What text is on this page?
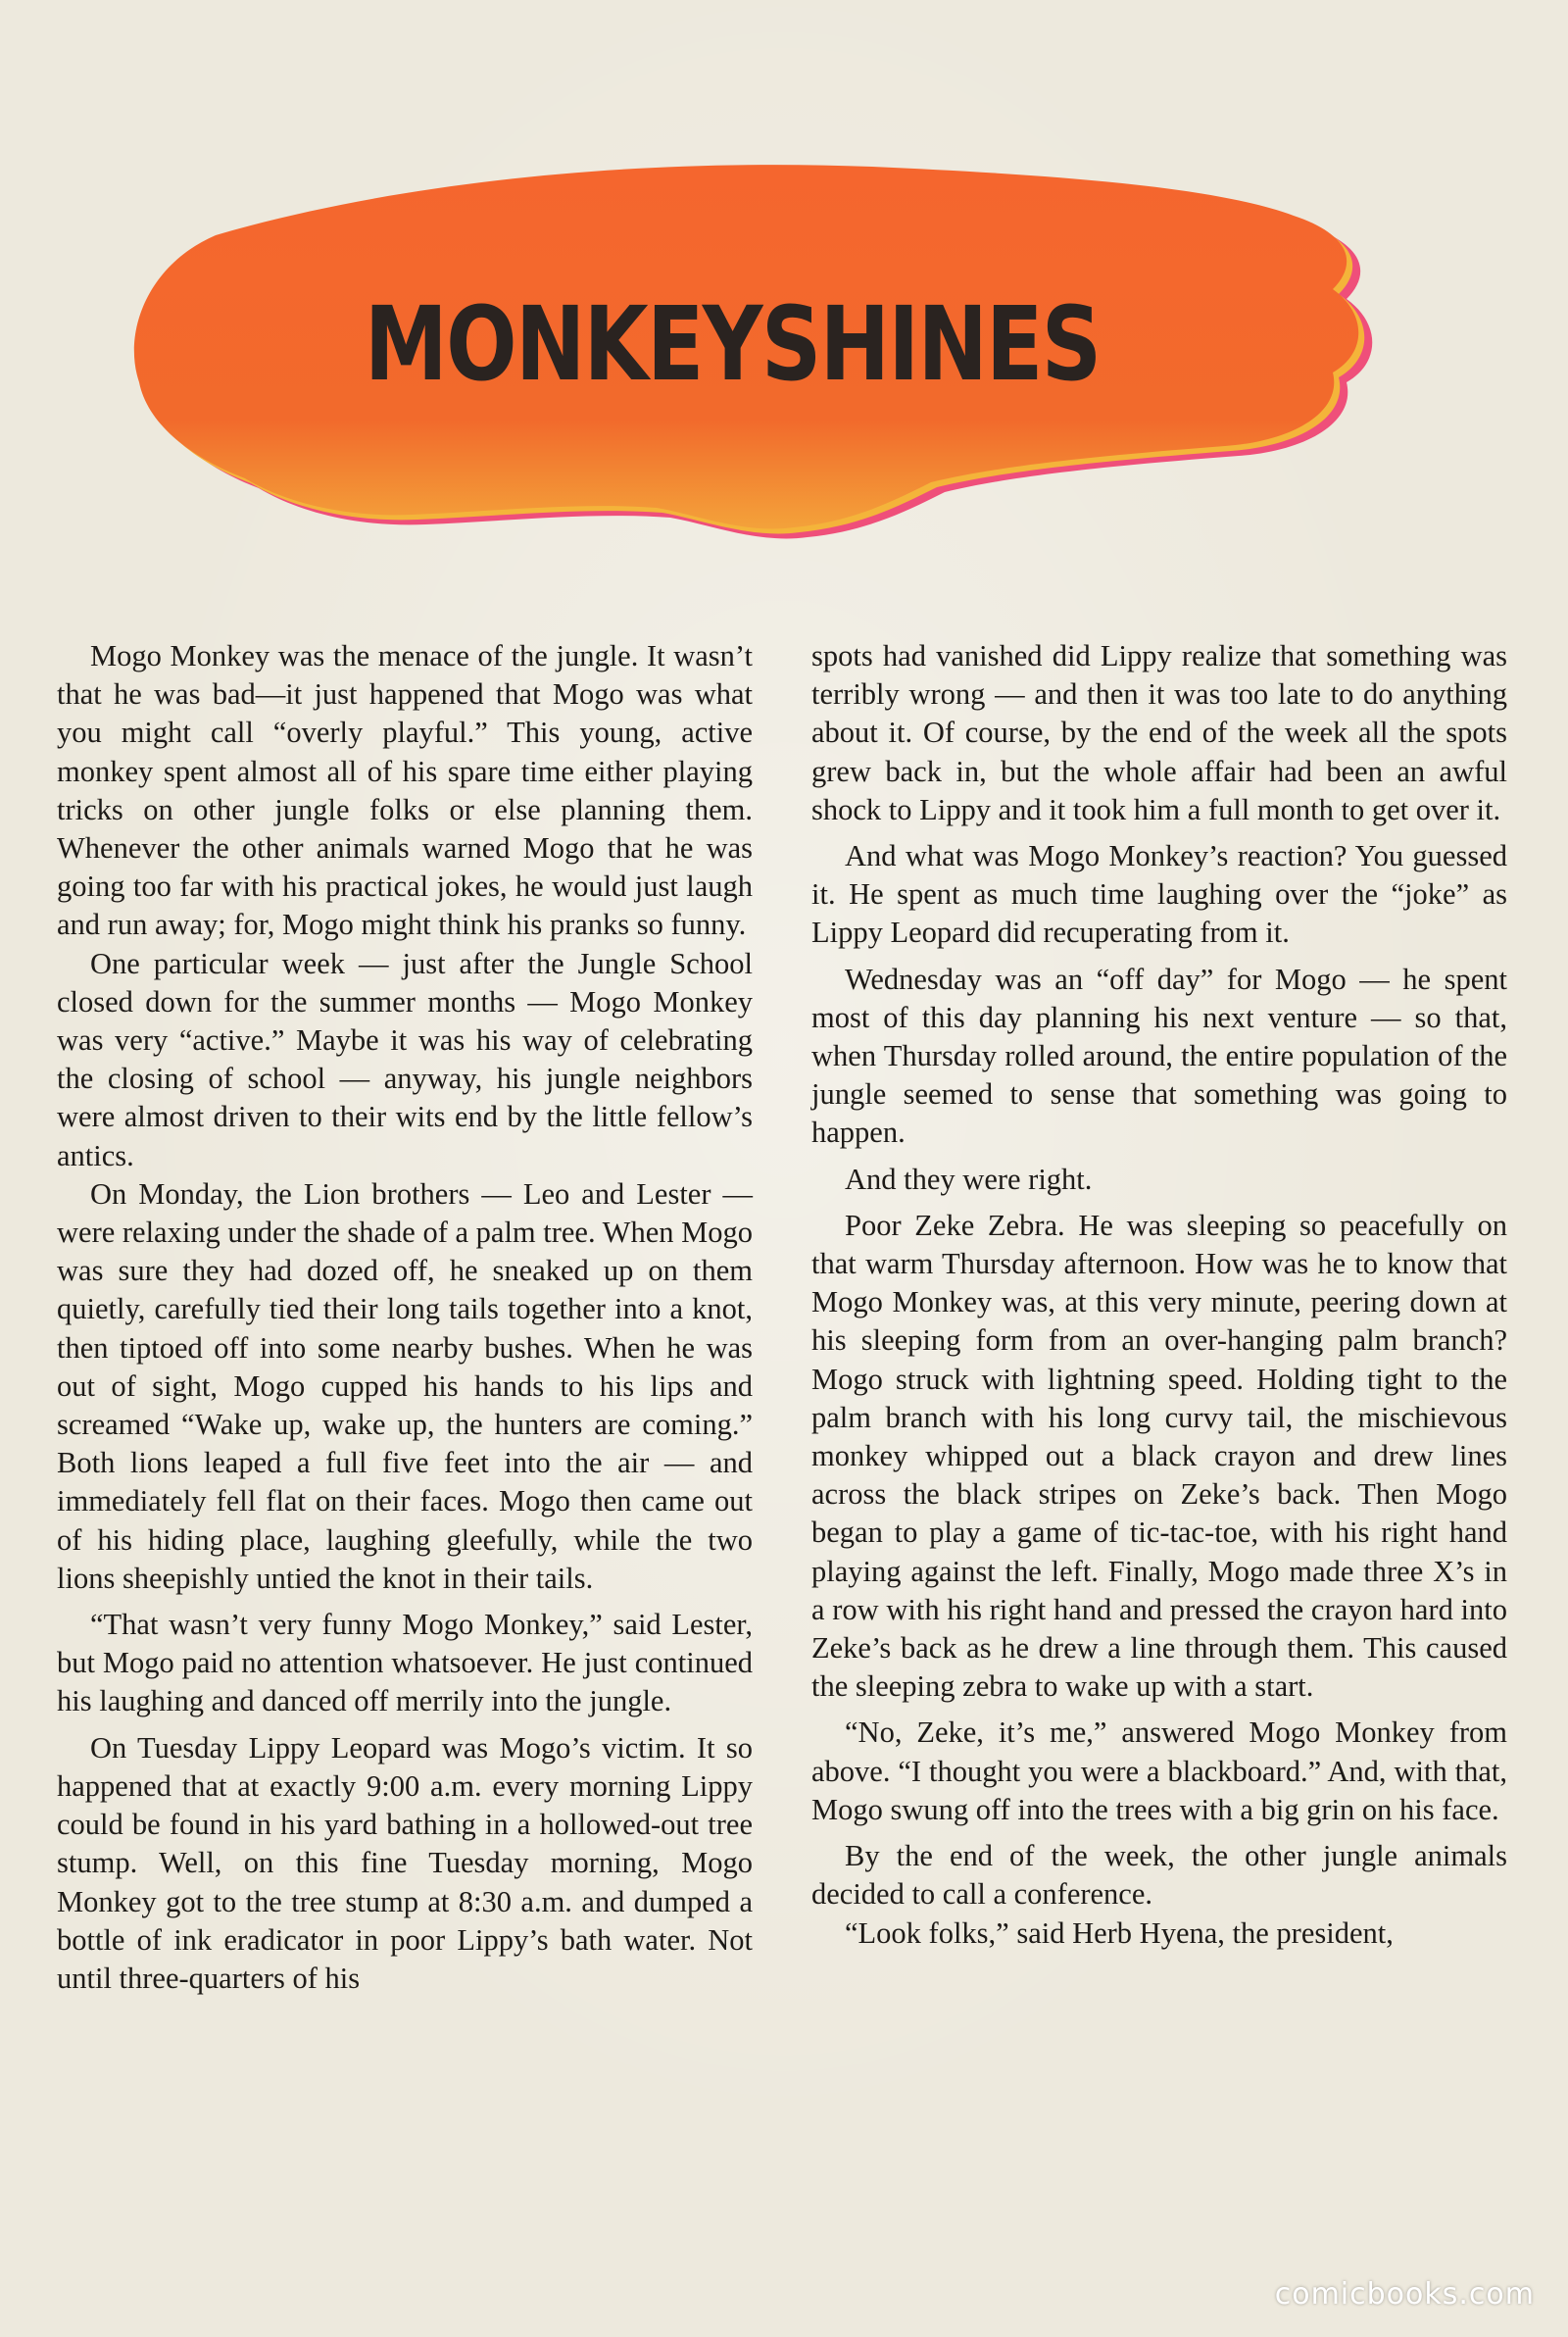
MONKEYSHINES

Mogo Monkey was the menace of the jungle. It wasn’t that he was bad—it just happened that Mogo was what you might call “overly playful.” This young, active monkey spent almost all of his spare time either playing tricks on other jungle folks or else planning them. Whenever the other animals warned Mogo that he was going too far with his practical jokes, he would just laugh and run away; for, Mogo might think his pranks so funny.

One particular week — just after the Jungle School closed down for the summer months — Mogo Monkey was very “active.” Maybe it was his way of celebrating the closing of school — anyway, his jungle neighbors were almost driven to their wits end by the little fellow’s antics.

On Monday, the Lion brothers — Leo and Lester — were relaxing under the shade of a palm tree. When Mogo was sure they had dozed off, he sneaked up on them quietly, carefully tied their long tails together into a knot, then tiptoed off into some nearby bushes. When he was out of sight, Mogo cupped his hands to his lips and screamed “Wake up, wake up, the hunters are coming.” Both lions leaped a full five feet into the air — and immediately fell flat on their faces. Mogo then came out of his hiding place, laughing gleefully, while the two lions sheepishly untied the knot in their tails.

“That wasn’t very funny Mogo Monkey,” said Lester, but Mogo paid no attention whatsoever. He just continued his laughing and danced off merrily into the jungle.

On Tuesday Lippy Leopard was Mogo’s victim. It so happened that at exactly 9:00 a.m. every morning Lippy could be found in his yard bathing in a hollowed-out tree stump. Well, on this fine Tuesday morning, Mogo Monkey got to the tree stump at 8:30 a.m. and dumped a bottle of ink eradicator in poor Lippy’s bath water. Not until three-quarters of his

spots had vanished did Lippy realize that something was terribly wrong — and then it was too late to do anything about it. Of course, by the end of the week all the spots grew back in, but the whole affair had been an awful shock to Lippy and it took him a full month to get over it.

And what was Mogo Monkey’s reaction? You guessed it. He spent as much time laughing over the “joke” as Lippy Leopard did recuperating from it.

Wednesday was an “off day” for Mogo — he spent most of this day planning his next venture — so that, when Thursday rolled around, the entire population of the jungle seemed to sense that something was going to happen.

And they were right.

Poor Zeke Zebra. He was sleeping so peacefully on that warm Thursday afternoon. How was he to know that Mogo Monkey was, at this very minute, peering down at his sleeping form from an over-hanging palm branch? Mogo struck with lightning speed. Holding tight to the palm branch with his long curvy tail, the mischievous monkey whipped out a black crayon and drew lines across the black stripes on Zeke’s back. Then Mogo began to play a game of tic-tac-toe, with his right hand playing against the left. Finally, Mogo made three X’s in a row with his right hand and pressed the crayon hard into Zeke’s back as he drew a line through them. This caused the sleeping zebra to wake up with a start.

“No, Zeke, it’s me,” answered Mogo Monkey from above. “I thought you were a blackboard.” And, with that, Mogo swung off into the trees with a big grin on his face.

By the end of the week, the other jungle animals decided to call a conference.

“Look folks,” said Herb Hyena, the president,

comicbooks.com
